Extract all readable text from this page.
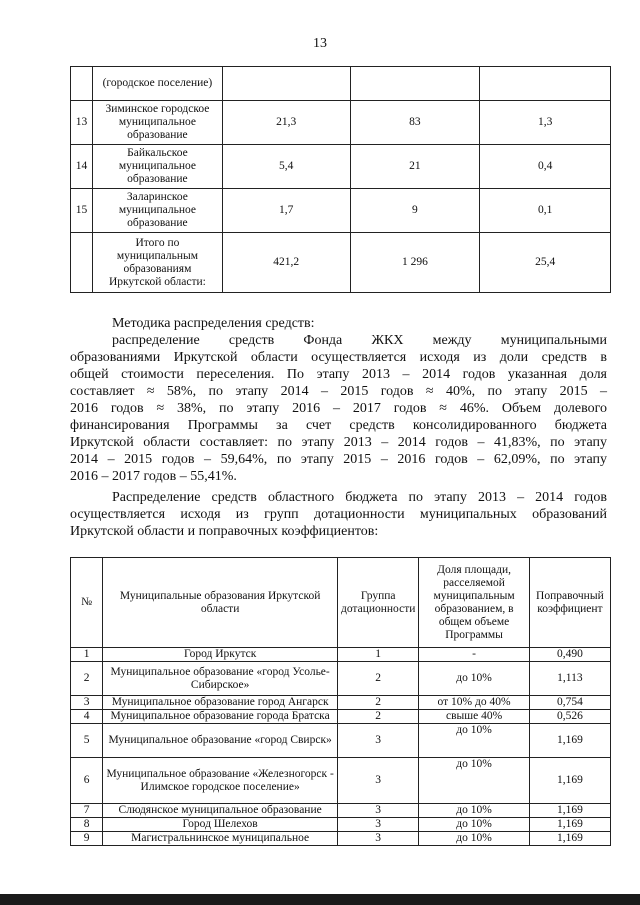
13
	(городское поселение)			
13	Зиминское городское муниципальное образование	21,3	83	1,3
14	Байкальское муниципальное образование	5,4	21	0,4
15	Заларинское муниципальное образование	1,7	9	0,1
	Итого по муниципальным образованиям Иркутской области:	421,2	1 296	25,4
Методика распределения средств:
распределение средств Фонда ЖКХ между муниципальными
образованиями Иркутской области осуществляется исходя из доли средств в
общей стоимости переселения. По этапу 2013 – 2014 годов указанная доля
составляет ≈ 58%, по этапу 2014 – 2015 годов ≈ 40%, по этапу 2015 –
2016 годов ≈ 38%, по этапу 2016 – 2017 годов ≈ 46%. Объем долевого
финансирования Программы за счет средств консолидированного бюджета
Иркутской области составляет: по этапу 2013 – 2014 годов – 41,83%, по этапу
2014 – 2015 годов – 59,64%, по этапу 2015 – 2016 годов – 62,09%, по этапу
2016 – 2017 годов – 55,41%.
Распределение средств областного бюджета по этапу 2013 – 2014 годов
осуществляется исходя из групп дотационности муниципальных образований
Иркутской области и поправочных коэффициентов:
№	Муниципальные образования Иркутской области	Группа дотационности	Доля площади, расселяемой муниципальным образованием, в общем объеме Программы	Поправочный коэффициент
1	Город Иркутск	1	-	0,490
2	Муниципальное образование «город Усолье-Сибирское»	2	до 10%	1,113
3	Муниципальное образование город Ангарск	2	от 10% до 40%	0,754
4	Муниципальное образование города Братска	2	свыше 40%	0,526
5	Муниципальное образование «город Свирск»	3	до 10%	1,169
6	Муниципальное образование «Железногорск - Илимское городское поселение»	3	до 10%	1,169
7	Слюдянское муниципальное образование	3	до 10%	1,169
8	Город Шелехов	3	до 10%	1,169
9	Магистральнинское муниципальное	3	до 10%	1,169
